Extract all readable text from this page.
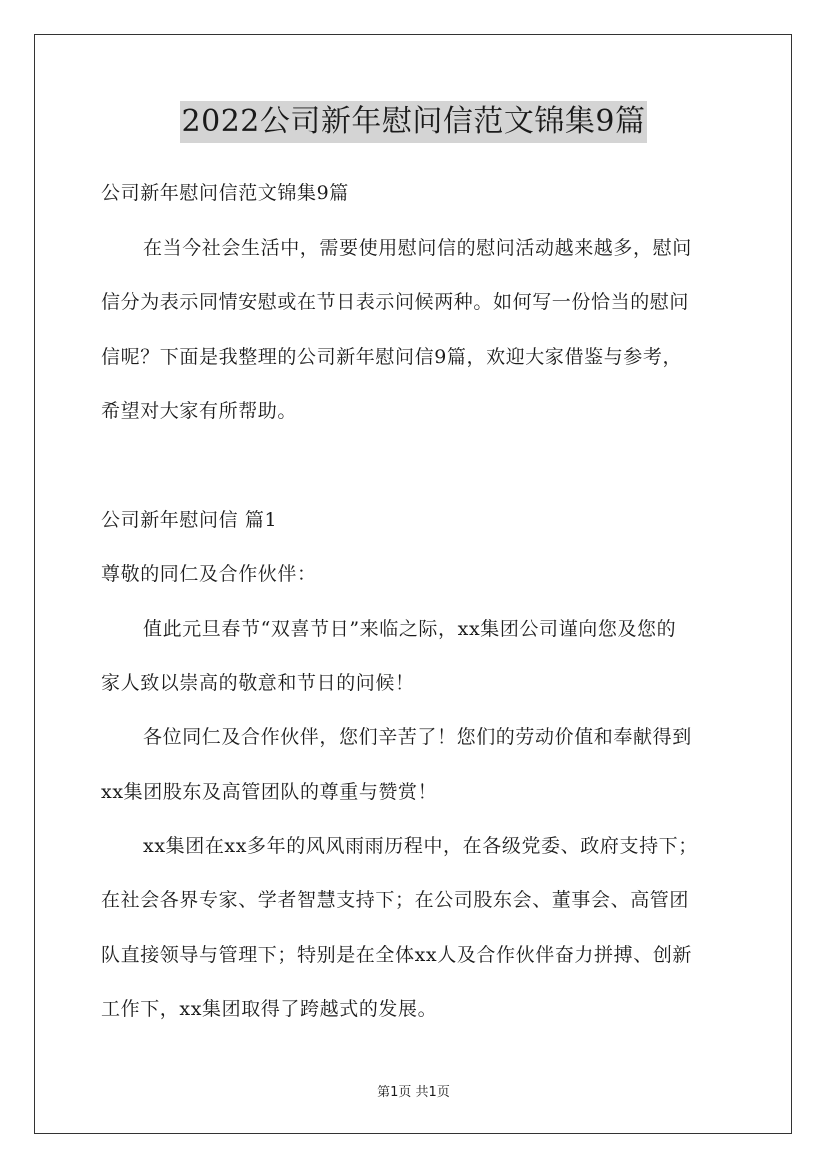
2022公司新年慰问信范文锦集9篇
公司新年慰问信范文锦集9篇
在当今社会生活中，需要使用慰问信的慰问活动越来越多，慰问
信分为表示同情安慰或在节日表示问候两种。如何写一份恰当的慰问
信呢？下面是我整理的公司新年慰问信9篇，欢迎大家借鉴与参考，
希望对大家有所帮助。
公司新年慰问信 篇1
尊敬的同仁及合作伙伴：
值此元旦春节“双喜节日”来临之际，xx集团公司谨向您及您的
家人致以崇高的敬意和节日的问候！
各位同仁及合作伙伴，您们辛苦了！您们的劳动价值和奉献得到
xx集团股东及高管团队的尊重与赞赏！
xx集团在xx多年的风风雨雨历程中，在各级党委、政府支持下；
在社会各界专家、学者智慧支持下；在公司股东会、董事会、高管团
队直接领导与管理下；特别是在全体xx人及合作伙伴奋力拼搏、创新
工作下，xx集团取得了跨越式的发展。
第1页 共1页
